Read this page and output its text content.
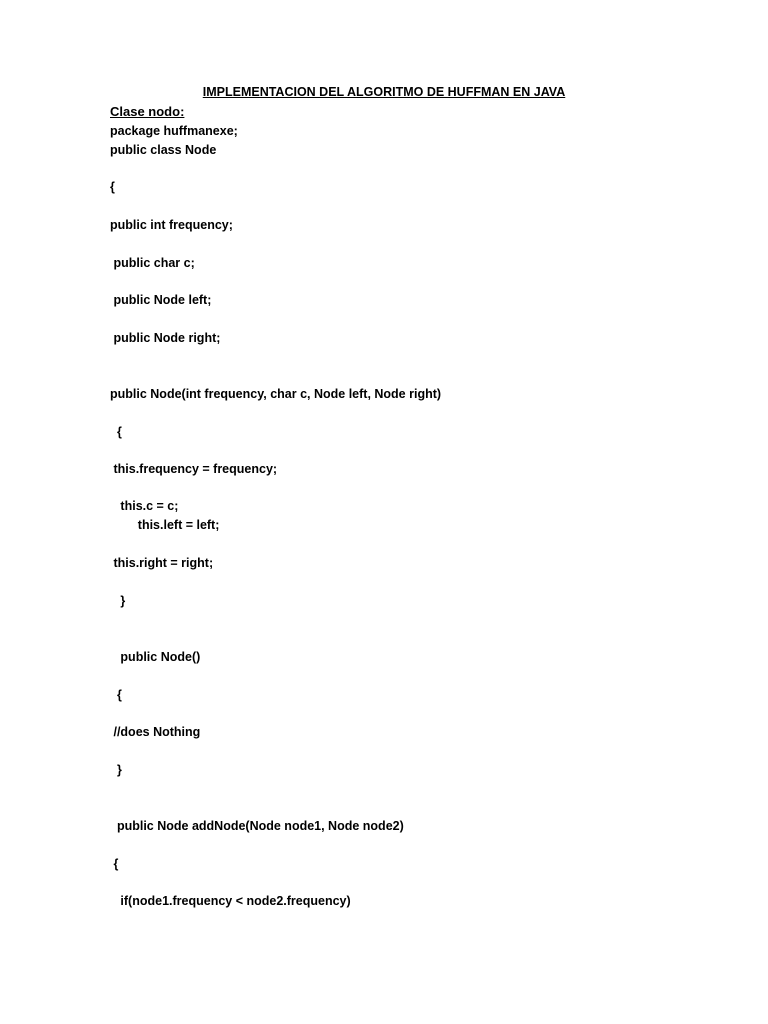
IMPLEMENTACION DEL ALGORITMO DE HUFFMAN EN JAVA
Clase nodo:
package huffmanexe;
public class Node
{
public int frequency;
public char c;
public Node left;
public Node right;
public Node(int frequency, char c, Node left, Node right)
{
this.frequency = frequency;
this.c = c;
this.left = left;
this.right = right;
}
public Node()
{
//does Nothing
}
public Node addNode(Node node1, Node node2)
{
if(node1.frequency < node2.frequency)
